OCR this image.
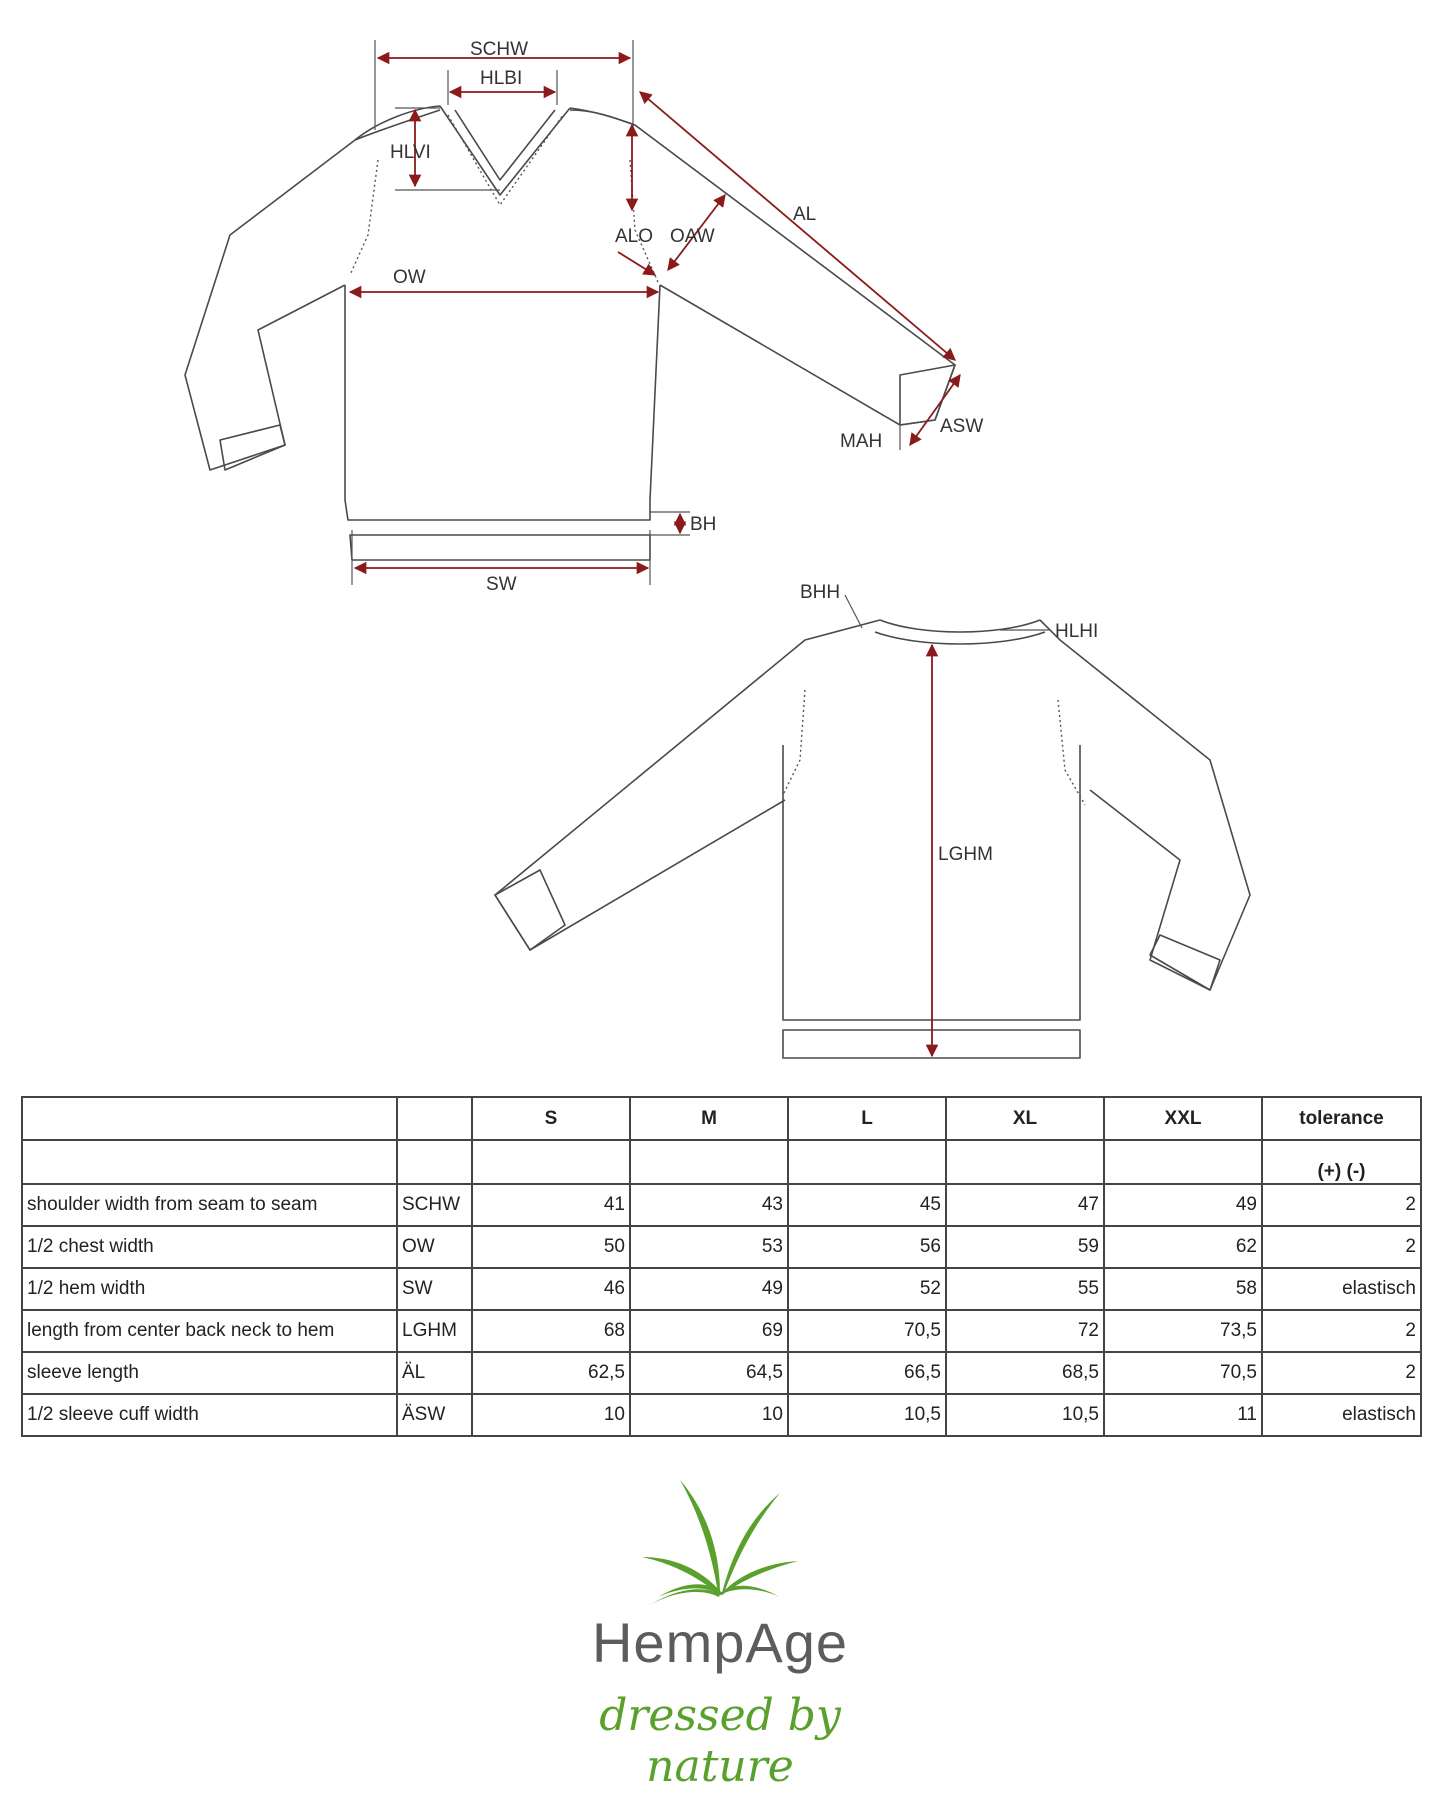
SCHW
HLBI
HLVI
AL
ALO OAW
OW
MAH
ASW
BH
SW	BHH
HLHI
LGHM
		S	M	L	XL	XXL	tolerance
							(+) (-)
shoulder width from seam to seam	SCHW	41	43	45	47	49	2
1/2 chest width	OW	50	53	56	59	62	2
1/2 hem width	SW	46	49	52	55	58	elastisch
length from center back neck to hem	LGHM	68	69	70,5	72	73,5	2
sleeve length	ÄL	62,5	64,5	66,5	68,5	70,5	2
1/2 sleeve cuff width	ÄSW	10	10	10,5	10,5	11	elastisch
HempAge
dressed by nature
